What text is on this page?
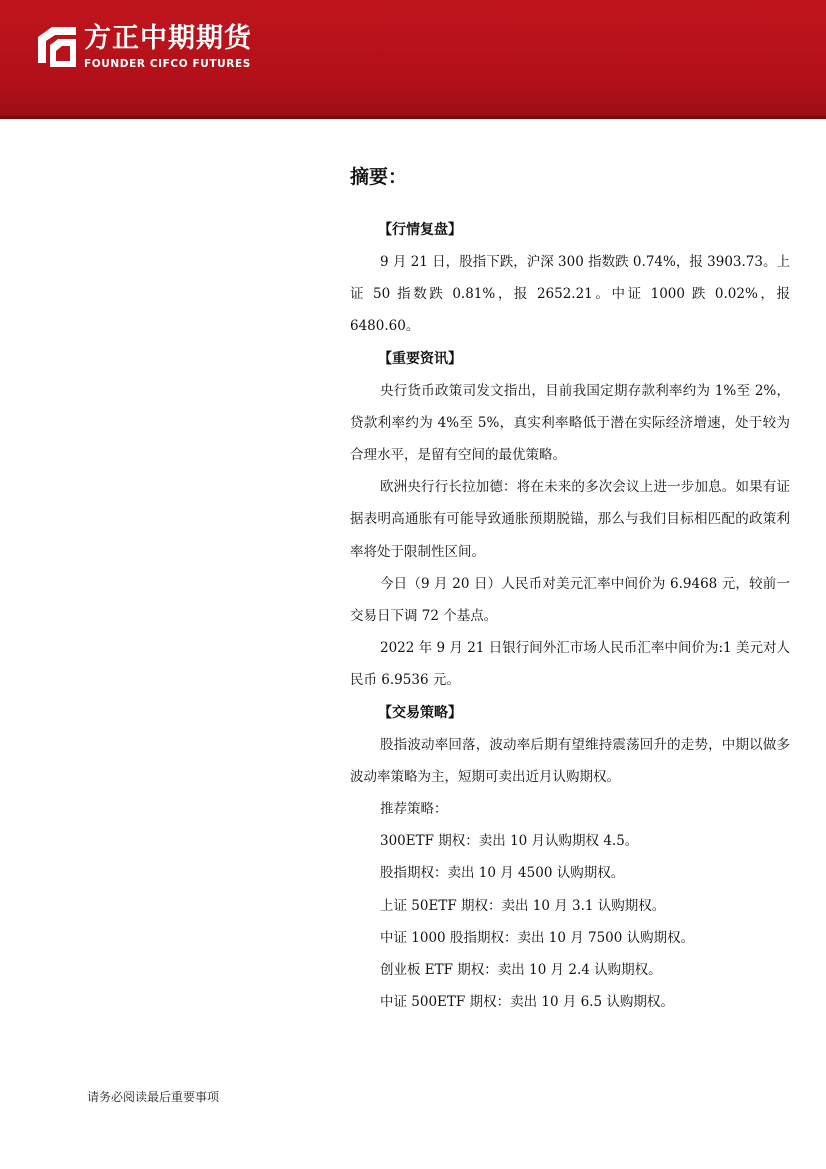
方正中期期货
FOUNDER CIFCO FUTURES
摘要：
【行情复盘】

9 月 21 日，股指下跌，沪深 300 指数跌 0.74%，报 3903.73。上证 50 指数跌 0.81%，报 2652.21。中证 1000 跌 0.02%，报 6480.60。

【重要资讯】

央行货币政策司发文指出，目前我国定期存款利率约为 1%至 2%，贷款利率约为 4%至 5%，真实利率略低于潜在实际经济增速，处于较为合理水平，是留有空间的最优策略。

欧洲央行行长拉加德：将在未来的多次会议上进一步加息。如果有证据表明高通胀有可能导致通胀预期脱锚，那么与我们目标相匹配的政策利率将处于限制性区间。

今日（9 月 20 日）人民币对美元汇率中间价为 6.9468 元，较前一交易日下调 72 个基点。

2022 年 9 月 21 日银行间外汇市场人民币汇率中间价为:1 美元对人民币 6.9536 元。

【交易策略】

股指波动率回落，波动率后期有望维持震荡回升的走势，中期以做多波动率策略为主，短期可卖出近月认购期权。

推荐策略：
300ETF 期权：卖出 10 月认购期权 4.5。
股指期权：卖出 10 月 4500 认购期权。
上证 50ETF 期权：卖出 10 月 3.1 认购期权。
中证 1000 股指期权：卖出 10 月 7500 认购期权。
创业板 ETF 期权：卖出 10 月 2.4 认购期权。
中证 500ETF 期权：卖出 10 月 6.5 认购期权。
请务必阅读最后重要事项
